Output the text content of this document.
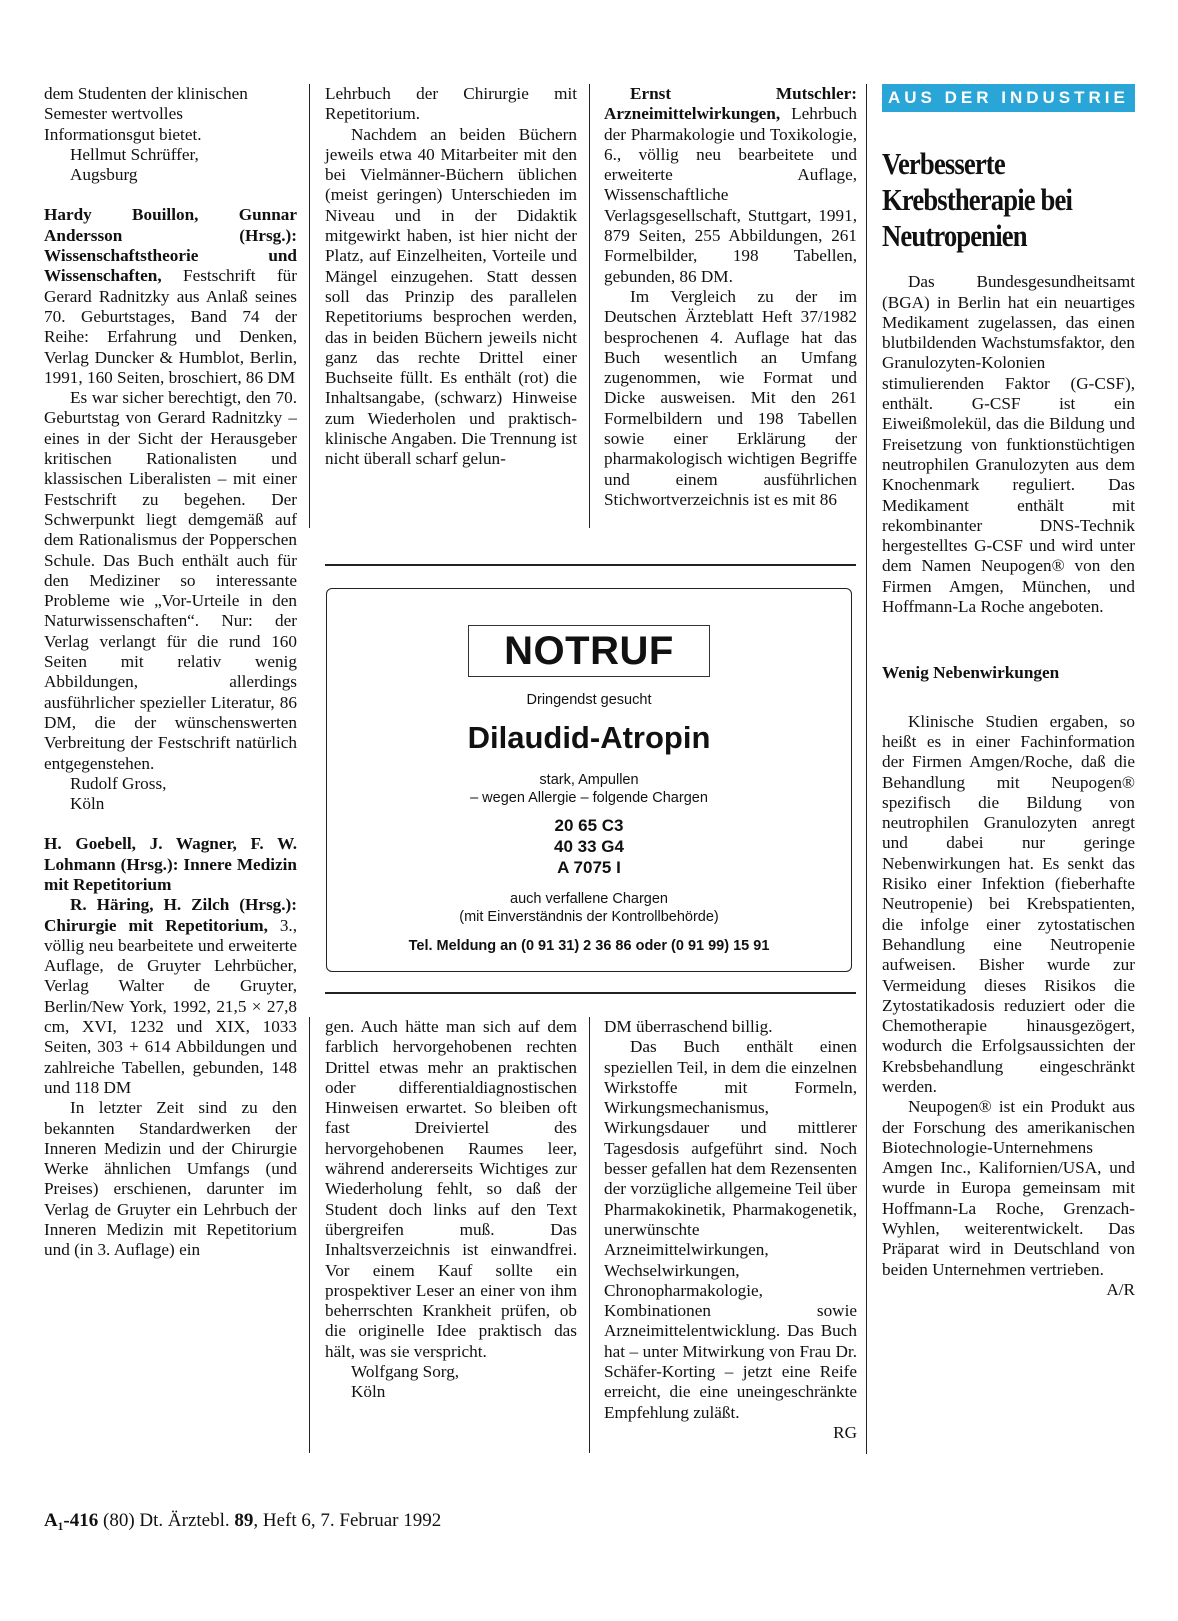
dem Studenten der klinischen Semester wertvolles Informationsgut bietet.

Hellmut Schrüffer,

Augsburg

Hardy Bouillon, Gunnar Andersson (Hrsg.): Wissenschaftstheorie und Wissenschaften, Festschrift für Gerard Radnitzky aus Anlaß seines 70. Geburtstages, Band 74 der Reihe: Erfahrung und Denken, Verlag Duncker & Humblot, Berlin, 1991, 160 Seiten, broschiert, 86 DM

Es war sicher berechtigt, den 70. Geburtstag von Gerard Radnitzky – eines in der Sicht der Herausgeber kritischen Rationalisten und klassischen Liberalisten – mit einer Festschrift zu begehen. Der Schwerpunkt liegt demgemäß auf dem Rationalismus der Popperschen Schule. Das Buch enthält auch für den Mediziner so interessante Probleme wie „Vor-Urteile in den Naturwissenschaften“. Nur: der Verlag verlangt für die rund 160 Seiten mit relativ wenig Abbildungen, allerdings ausführlicher spezieller Literatur, 86 DM, die der wünschenswerten Verbreitung der Festschrift natürlich entgegenstehen.

Rudolf Gross,

Köln

H. Goebell, J. Wagner, F. W. Lohmann (Hrsg.): Innere Medizin mit Repetitorium

R. Häring, H. Zilch (Hrsg.): Chirurgie mit Repetitorium, 3., völlig neu bearbeitete und erweiterte Auflage, de Gruyter Lehrbücher, Verlag Walter de Gruyter, Berlin/New York, 1992, 21,5 × 27,8 cm, XVI, 1232 und XIX, 1033 Seiten, 303 + 614 Abbildungen und zahlreiche Tabellen, gebunden, 148 und 118 DM

In letzter Zeit sind zu den bekannten Standardwerken der Inneren Medizin und der Chirurgie Werke ähnlichen Umfangs (und Preises) erschienen, darunter im Verlag de Gruyter ein Lehrbuch der Inneren Medizin mit Repetitorium und (in 3. Auflage) ein

Lehrbuch der Chirurgie mit Repetitorium.

Nachdem an beiden Büchern jeweils etwa 40 Mitarbeiter mit den bei Vielmänner-Büchern üblichen (meist geringen) Unterschieden im Niveau und in der Didaktik mitgewirkt haben, ist hier nicht der Platz, auf Einzelheiten, Vorteile und Mängel einzugehen. Statt dessen soll das Prinzip des parallelen Repetitoriums besprochen werden, das in beiden Büchern jeweils nicht ganz das rechte Drittel einer Buchseite füllt. Es enthält (rot) die Inhaltsangabe, (schwarz) Hinweise zum Wiederholen und praktisch-klinische Angaben. Die Trennung ist nicht überall scharf gelun-

Ernst Mutschler: Arzneimittelwirkungen, Lehrbuch der Pharmakologie und Toxikologie, 6., völlig neu bearbeitete und erweiterte Auflage, Wissenschaftliche Verlagsgesellschaft, Stuttgart, 1991, 879 Seiten, 255 Abbildungen, 261 Formelbilder, 198 Tabellen, gebunden, 86 DM.

Im Vergleich zu der im Deutschen Ärzteblatt Heft 37/1982 besprochenen 4. Auflage hat das Buch wesentlich an Umfang zugenommen, wie Format und Dicke ausweisen. Mit den 261 Formelbildern und 198 Tabellen sowie einer Erklärung der pharmakologisch wichtigen Begriffe und einem ausführlichen Stichwortverzeichnis ist es mit 86

NOTRUF
Dringendst gesucht
Dilaudid-Atropin
stark, Ampullen
– wegen Allergie – folgende Chargen
20 65 C3
40 33 G4
A 7075 I
auch verfallene Chargen
(mit Einverständnis der Kontrollbehörde)
Tel. Meldung an (0 91 31) 2 36 86 oder (0 91 99) 15 91

gen. Auch hätte man sich auf dem farblich hervorgehobenen rechten Drittel etwas mehr an praktischen oder differentialdiagnostischen Hinweisen erwartet. So bleiben oft fast Dreiviertel des hervorgehobenen Raumes leer, während andererseits Wichtiges zur Wiederholung fehlt, so daß der Student doch links auf den Text übergreifen muß. Das Inhaltsverzeichnis ist einwandfrei. Vor einem Kauf sollte ein prospektiver Leser an einer von ihm beherrschten Krankheit prüfen, ob die originelle Idee praktisch das hält, was sie verspricht.

Wolfgang Sorg,

Köln

DM überraschend billig.

Das Buch enthält einen speziellen Teil, in dem die einzelnen Wirkstoffe mit Formeln, Wirkungsmechanismus, Wirkungsdauer und mittlerer Tagesdosis aufgeführt sind. Noch besser gefallen hat dem Rezensenten der vorzügliche allgemeine Teil über Pharmakokinetik, Pharmakogenetik, unerwünschte Arzneimittelwirkungen, Wechselwirkungen, Chronopharmakologie, Kombinationen sowie Arzneimittelentwicklung. Das Buch hat – unter Mitwirkung von Frau Dr. Schäfer-Korting – jetzt eine Reife erreicht, die eine uneingeschränkte Empfehlung zuläßt.

RG

AUS DER INDUSTRIE
Verbesserte Krebstherapie bei Neutropenien

Das Bundesgesundheitsamt (BGA) in Berlin hat ein neuartiges Medikament zugelassen, das einen blutbildenden Wachstumsfaktor, den Granulozyten-Kolonien stimulierenden Faktor (G-CSF), enthält. G-CSF ist ein Eiweißmolekül, das die Bildung und Freisetzung von funktionstüchtigen neutrophilen Granulozyten aus dem Knochenmark reguliert. Das Medikament enthält mit rekombinanter DNS-Technik hergestelltes G-CSF und wird unter dem Namen Neupogen® von den Firmen Amgen, München, und Hoffmann-La Roche angeboten.

Wenig Nebenwirkungen

Klinische Studien ergaben, so heißt es in einer Fachinformation der Firmen Amgen/Roche, daß die Behandlung mit Neupogen® spezifisch die Bildung von neutrophilen Granulozyten anregt und dabei nur geringe Nebenwirkungen hat. Es senkt das Risiko einer Infektion (fieberhafte Neutropenie) bei Krebspatienten, die infolge einer zytostatischen Behandlung eine Neutropenie aufweisen. Bisher wurde zur Vermeidung dieses Risikos die Zytostatikadosis reduziert oder die Chemotherapie hinausgezögert, wodurch die Erfolgsaussichten der Krebsbehandlung eingeschränkt werden.

Neupogen® ist ein Produkt aus der Forschung des amerikanischen Biotechnologie-Unternehmens Amgen Inc., Kalifornien/USA, und wurde in Europa gemeinsam mit Hoffmann-La Roche, Grenzach-Wyhlen, weiterentwickelt. Das Präparat wird in Deutschland von beiden Unternehmen vertrieben.

A/R

A₁-416 (80) Dt. Ärztebl. 89, Heft 6, 7. Februar 1992
